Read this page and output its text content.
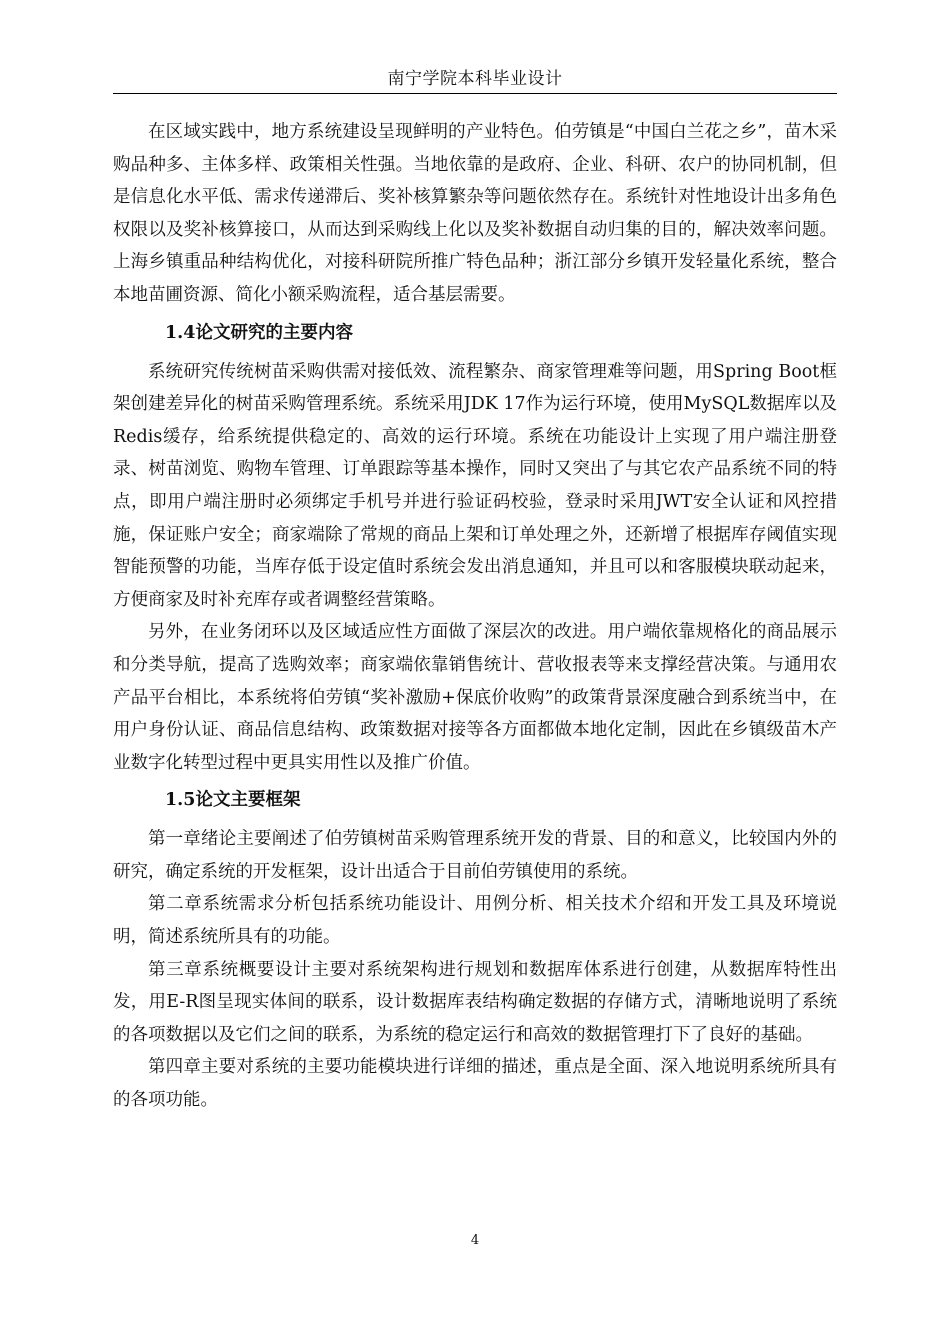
南宁学院本科毕业设计

在区域实践中，地方系统建设呈现鲜明的产业特色。伯劳镇是“中国白兰花之乡”，苗木采购品种多、主体多样、政策相关性强。当地依靠的是政府、企业、科研、农户的协同机制，但是信息化水平低、需求传递滞后、奖补核算繁杂等问题依然存在。系统针对性地设计出多角色权限以及奖补核算接口，从而达到采购线上化以及奖补数据自动归集的目的，解决效率问题。上海乡镇重品种结构优化，对接科研院所推广特色品种；浙江部分乡镇开发轻量化系统，整合本地苗圃资源、简化小额采购流程，适合基层需要。

1.4论文研究的主要内容

系统研究传统树苗采购供需对接低效、流程繁杂、商家管理难等问题，用Spring Boot框架创建差异化的树苗采购管理系统。系统采用JDK 17作为运行环境，使用MySQL数据库以及Redis缓存，给系统提供稳定的、高效的运行环境。系统在功能设计上实现了用户端注册登录、树苗浏览、购物车管理、订单跟踪等基本操作，同时又突出了与其它农产品系统不同的特点，即用户端注册时必须绑定手机号并进行验证码校验，登录时采用JWT安全认证和风控措施，保证账户安全；商家端除了常规的商品上架和订单处理之外，还新增了根据库存阈值实现智能预警的功能，当库存低于设定值时系统会发出消息通知，并且可以和客服模块联动起来，方便商家及时补充库存或者调整经营策略。

另外，在业务闭环以及区域适应性方面做了深层次的改进。用户端依靠规格化的商品展示和分类导航，提高了选购效率；商家端依靠销售统计、营收报表等来支撑经营决策。与通用农产品平台相比，本系统将伯劳镇“奖补激励+保底价收购”的政策背景深度融合到系统当中，在用户身份认证、商品信息结构、政策数据对接等各方面都做本地化定制，因此在乡镇级苗木产业数字化转型过程中更具实用性以及推广价值。

1.5论文主要框架

第一章绪论主要阐述了伯劳镇树苗采购管理系统开发的背景、目的和意义，比较国内外的研究，确定系统的开发框架，设计出适合于目前伯劳镇使用的系统。

第二章系统需求分析包括系统功能设计、用例分析、相关技术介绍和开发工具及环境说明，简述系统所具有的功能。

第三章系统概要设计主要对系统架构进行规划和数据库体系进行创建，从数据库特性出发，用E-R图呈现实体间的联系，设计数据库表结构确定数据的存储方式，清晰地说明了系统的各项数据以及它们之间的联系，为系统的稳定运行和高效的数据管理打下了良好的基础。

第四章主要对系统的主要功能模块进行详细的描述，重点是全面、深入地说明系统所具有的各项功能。

4
